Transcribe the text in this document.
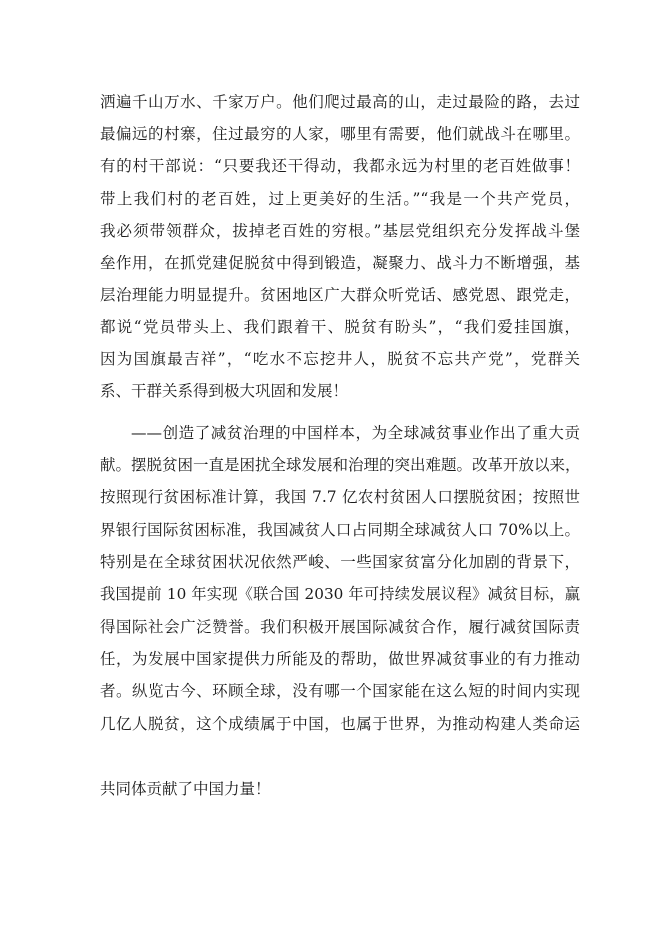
洒遍千山万水、千家万户。他们爬过最高的山，走过最险的路，去过
最偏远的村寨，住过最穷的人家，哪里有需要，他们就战斗在哪里。
有的村干部说：“只要我还干得动，我都永远为村里的老百姓做事！
带上我们村的老百姓，过上更美好的生活。”“我是一个共产党员，
我必须带领群众，拔掉老百姓的穷根。”基层党组织充分发挥战斗堡
垒作用，在抓党建促脱贫中得到锻造，凝聚力、战斗力不断增强，基
层治理能力明显提升。贫困地区广大群众听党话、感党恩、跟党走，
都说“党员带头上、我们跟着干、脱贫有盼头”，“我们爱挂国旗，
因为国旗最吉祥”，“吃水不忘挖井人，脱贫不忘共产党”，党群关
系、干群关系得到极大巩固和发展！
——创造了减贫治理的中国样本，为全球减贫事业作出了重大贡
献。摆脱贫困一直是困扰全球发展和治理的突出难题。改革开放以来，
按照现行贫困标准计算，我国 7.7 亿农村贫困人口摆脱贫困；按照世
界银行国际贫困标准，我国减贫人口占同期全球减贫人口 70%以上。
特别是在全球贫困状况依然严峻、一些国家贫富分化加剧的背景下，
我国提前 10 年实现《联合国 2030 年可持续发展议程》减贫目标，赢
得国际社会广泛赞誉。我们积极开展国际减贫合作，履行减贫国际责
任，为发展中国家提供力所能及的帮助，做世界减贫事业的有力推动
者。纵览古今、环顾全球，没有哪一个国家能在这么短的时间内实现
几亿人脱贫，这个成绩属于中国，也属于世界，为推动构建人类命运
共同体贡献了中国力量！
